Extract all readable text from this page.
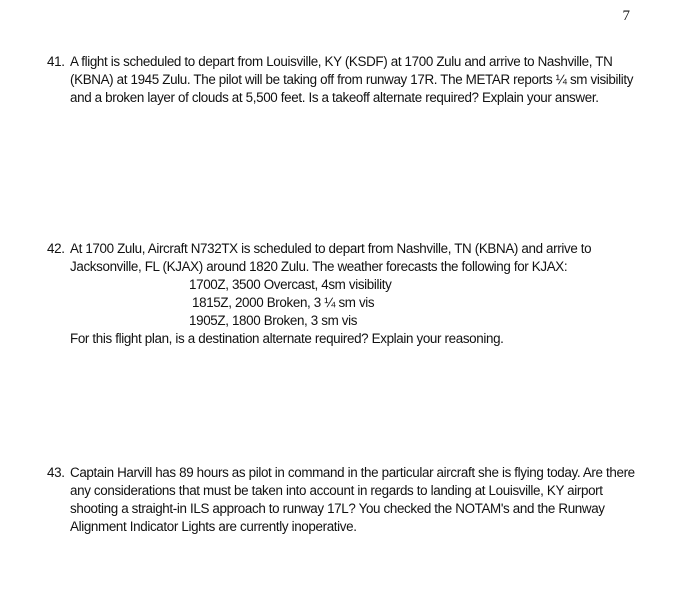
7
41. A flight is scheduled to depart from Louisville, KY (KSDF) at 1700 Zulu and arrive to Nashville, TN
(KBNA) at 1945 Zulu. The pilot will be taking off from runway 17R. The METAR reports ¼ sm visibility
and a broken layer of clouds at 5,500 feet. Is a takeoff alternate required? Explain your answer.
42. At 1700 Zulu, Aircraft N732TX is scheduled to depart from Nashville, TN (KBNA) and arrive to
Jacksonville, FL (KJAX) around 1820 Zulu. The weather forecasts the following for KJAX:
1700Z, 3500 Overcast, 4sm visibility
1815Z, 2000 Broken, 3 ¼ sm vis
1905Z, 1800 Broken, 3 sm vis
For this flight plan, is a destination alternate required? Explain your reasoning.
43. Captain Harvill has 89 hours as pilot in command in the particular aircraft she is flying today. Are there
any considerations that must be taken into account in regards to landing at Louisville, KY airport
shooting a straight-in ILS approach to runway 17L? You checked the NOTAM's and the Runway
Alignment Indicator Lights are currently inoperative.
